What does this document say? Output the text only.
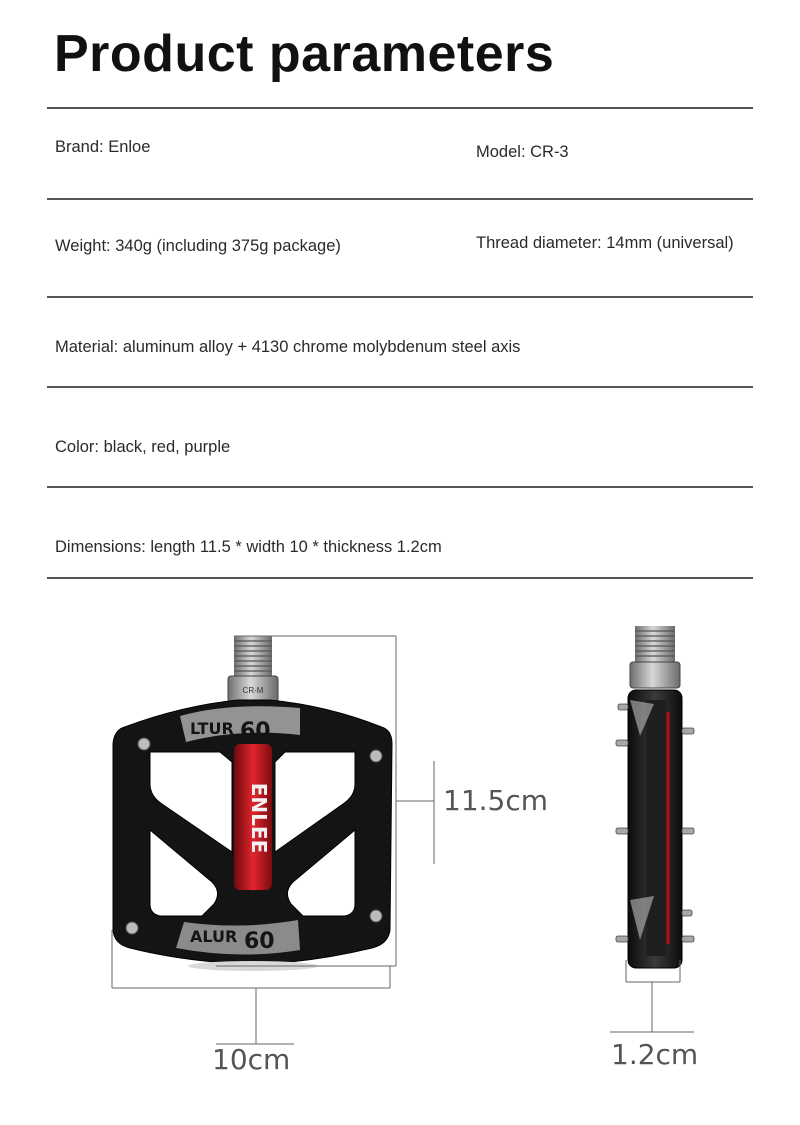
Product parameters
Brand: Enloe	Model: CR-3
Weight: 340g (including 375g package)	Thread diameter: 14mm (universal)
Material: aluminum alloy + 4130 chrome molybdenum steel axis
Color: black, red, purple
Dimensions: length 11.5 * width 10 * thickness 1.2cm
CR-M
LTUR 60
ALUR 60
ENLEE	11.5cm
10cm	1.2cm
